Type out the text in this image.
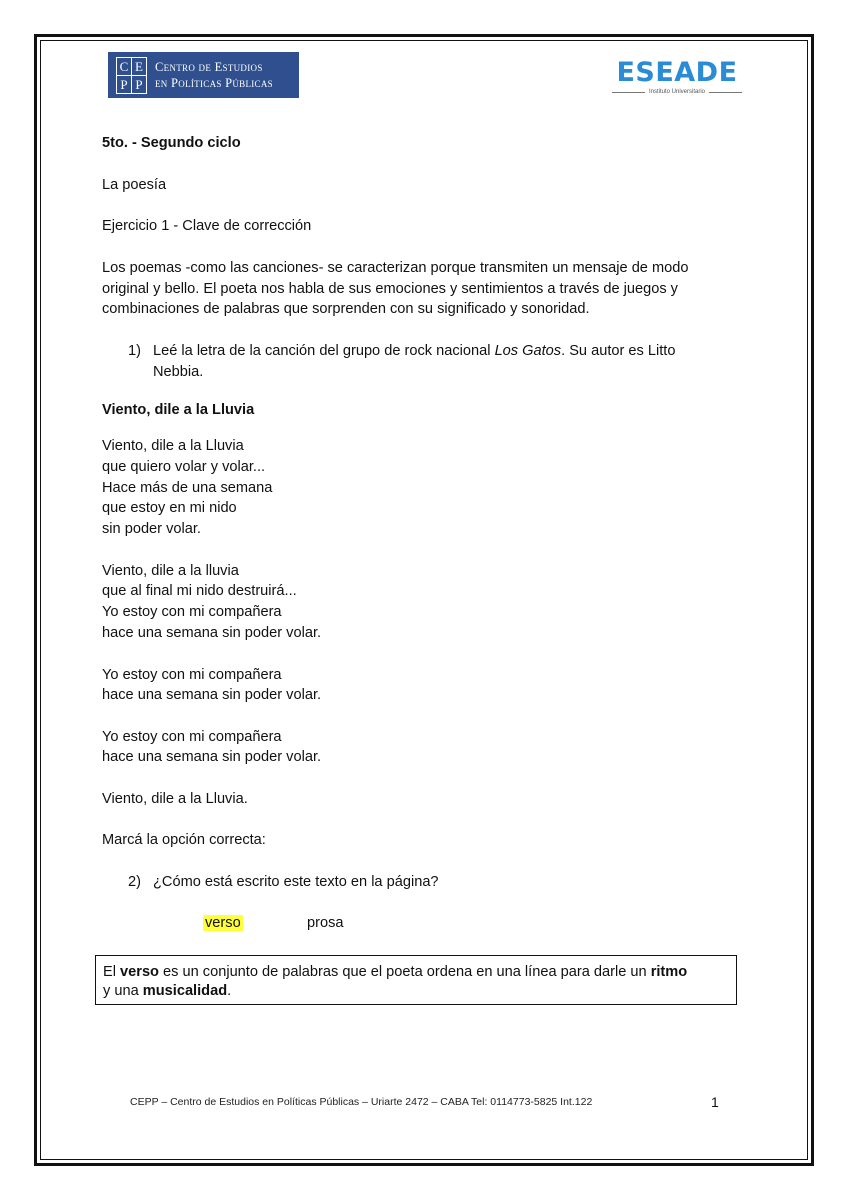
C E
P P
Centro de Estudios
en Políticas Públicas	ESEADE
Instituto Universitario

5to. - Segundo ciclo

La poesía

Ejercicio 1 - Clave de corrección

Los poemas -como las canciones- se caracterizan porque transmiten un mensaje de modo

original y bello. El poeta nos habla de sus emociones y sentimientos a través de juegos y

combinaciones de palabras que sorprenden con su significado y sonoridad.

1) Leé la letra de la canción del grupo de rock nacional Los Gatos. Su autor es Litto

Nebbia.

Viento, dile a la Lluvia

Viento, dile a la Lluvia

que quiero volar y volar...

Hace más de una semana

que estoy en mi nido

sin poder volar.

Viento, dile a la lluvia

que al final mi nido destruirá...

Yo estoy con mi compañera

hace una semana sin poder volar.

Yo estoy con mi compañera

hace una semana sin poder volar.

Yo estoy con mi compañera

hace una semana sin poder volar.

Viento, dile a la Lluvia.

Marcá la opción correcta:

2) ¿Cómo está escrito este texto en la página?

verso	prosa

El verso es un conjunto de palabras que el poeta ordena en una línea para darle un ritmo
y una musicalidad.
CEPP – Centro de Estudios en Políticas Públicas – Uriarte 2472 – CABA Tel: 0114773-5825 Int.122	1
